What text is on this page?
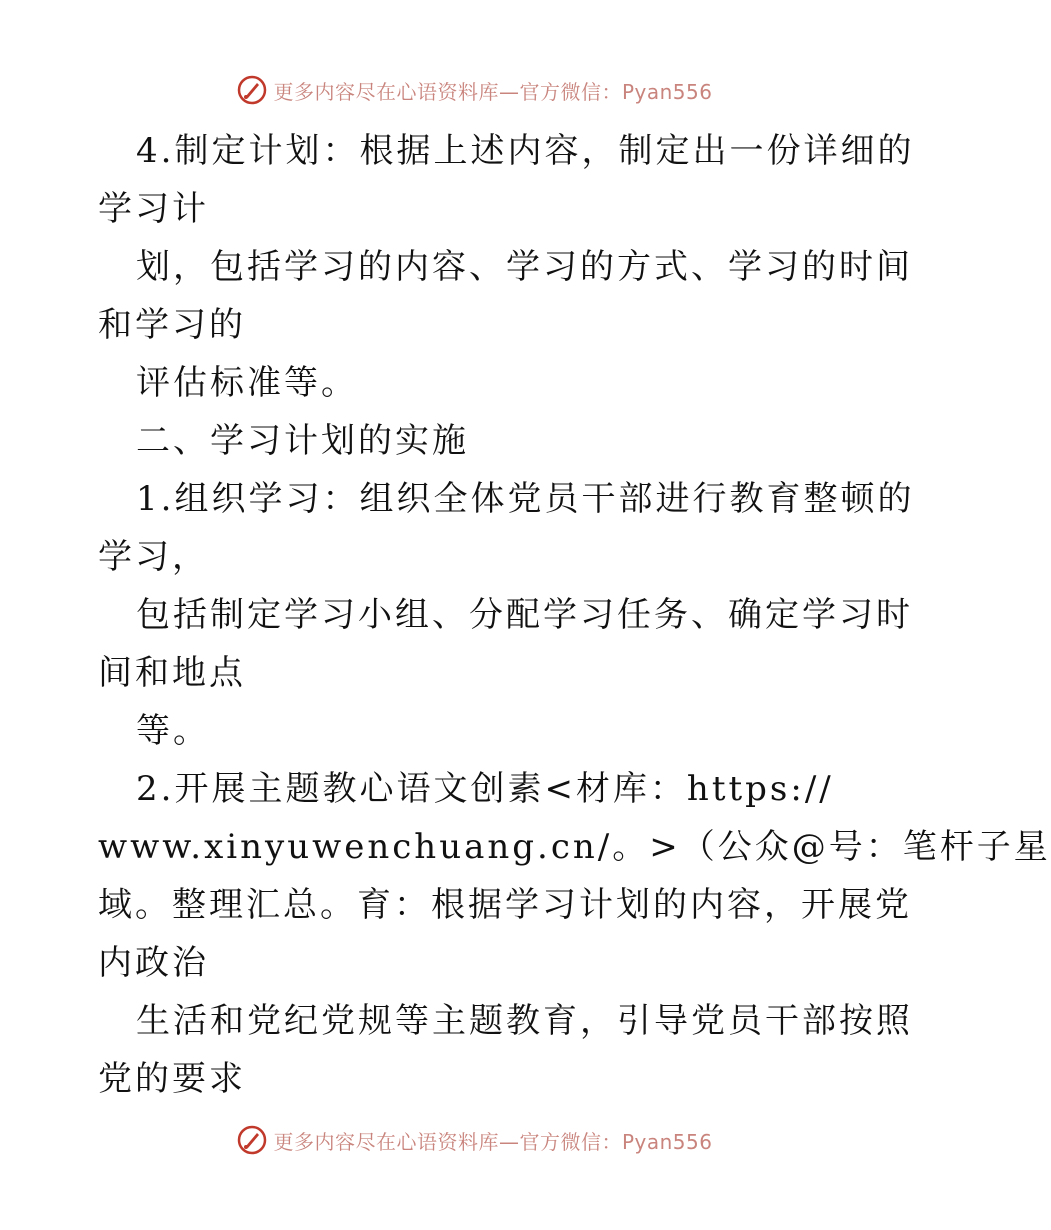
更多内容尽在心语资料库—官方微信：Pyan556
4.制定计划：根据上述内容，制定出一份详细的
学习计
划，包括学习的内容、学习的方式、学习的时间
和学习的
评估标准等。
二、学习计划的实施
1.组织学习：组织全体党员干部进行教育整顿的
学习，
包括制定学习小组、分配学习任务、确定学习时
间和地点
等。
2.开展主题教心语文创素<材库：https://
www.xinyuwenchuang.cn/。>（公众@号：笔杆子星
域。整理汇总。育：根据学习计划的内容，开展党
内政治
生活和党纪党规等主题教育，引导党员干部按照
党的要求
更多内容尽在心语资料库—官方微信：Pyan556
